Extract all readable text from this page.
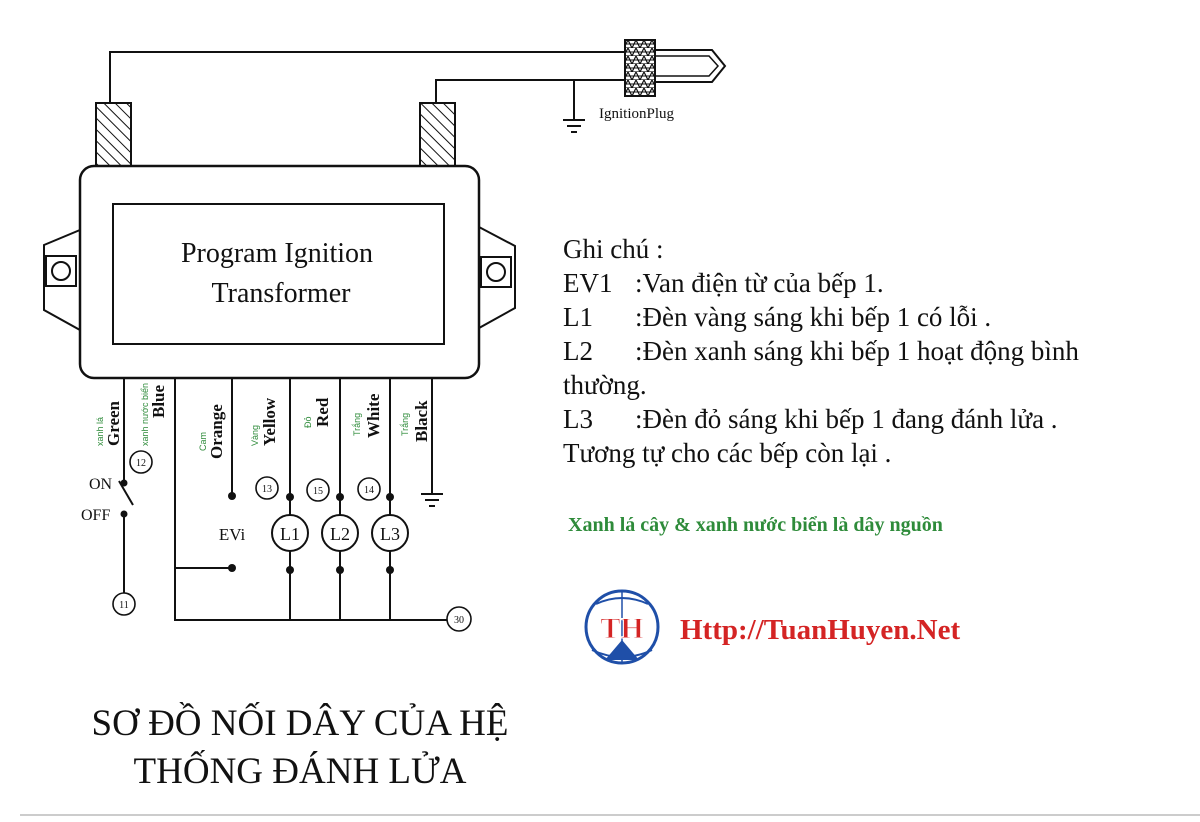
IgnitionPlug
Program Ignition
Transformer
ON
OFF
L1 L2 L3
EVi
11
12
13	15	14
30
xanh lá Green xanh nước biển Blue
Cam Orange	Vàng Yellow	Đỏ Red Trắng White Trắng Black
TH
Ghi chú :
EV1 :Van điện từ của bếp 1.
L1 :Đèn vàng sáng khi bếp 1 có lỗi .
L2 :Đèn xanh sáng khi bếp 1 hoạt động bình
thường.
L3 :Đèn đỏ sáng khi bếp 1 đang đánh lửa .
Tương tự cho các bếp còn lại .
Xanh lá cây & xanh nước biển là dây nguồn
Http://TuanHuyen.Net
SƠ ĐỒ NỐI DÂY CỦA HỆ
THỐNG ĐÁNH LỬA
